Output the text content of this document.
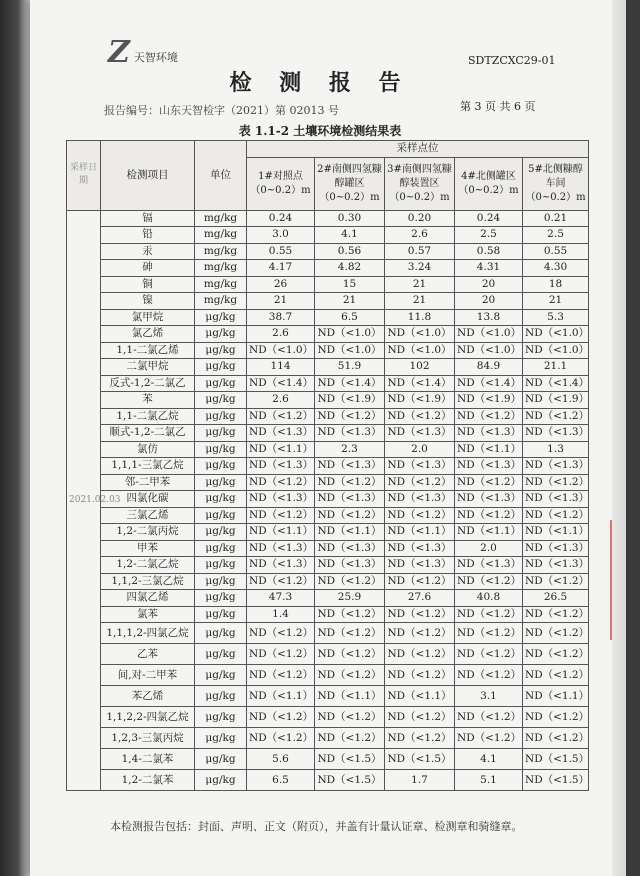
Z 天智环境	SDTZCXC29-01
检 测 报 告
报告编号：山东天智检字（2021）第 02013 号	第 3 页 共 6 页
表 1.1-2 土壤环境检测结果表
采样日期	检测项目	单位	采样点位				
			1#对照点（0~0.2）m	2#南侧四氢糠醇罐区（0~0.2）m	3#南侧四氢糠醇装置区（0~0.2）m	4#北侧罐区（0~0.2）m	5#北侧糠醇车间（0~0.2）m
2021.02.03	镉	mg/kg	0.24	0.30	0.20	0.24	0.21
	铅	mg/kg	3.0	4.1	2.6	2.5	2.5
	汞	mg/kg	0.55	0.56	0.57	0.58	0.55
	砷	mg/kg	4.17	4.82	3.24	4.31	4.30
	铜	mg/kg	26	15	21	20	18
	镍	mg/kg	21	21	21	20	21
	氯甲烷	μg/kg	38.7	6.5	11.8	13.8	5.3
	氯乙烯	μg/kg	2.6	ND（<1.0）	ND（<1.0）	ND（<1.0）	ND（<1.0）
	1,1-二氯乙烯	μg/kg	ND（<1.0）	ND（<1.0）	ND（<1.0）	ND（<1.0）	ND（<1.0）
	二氯甲烷	μg/kg	114	51.9	102	84.9	21.1
	反式-1,2-二氯乙	μg/kg	ND（<1.4）	ND（<1.4）	ND（<1.4）	ND（<1.4）	ND（<1.4）
	苯	μg/kg	2.6	ND（<1.9）	ND（<1.9）	ND（<1.9）	ND（<1.9）
	1,1-二氯乙烷	μg/kg	ND（<1.2）	ND（<1.2）	ND（<1.2）	ND（<1.2）	ND（<1.2）
	顺式-1,2-二氯乙	μg/kg	ND（<1.3）	ND（<1.3）	ND（<1.3）	ND（<1.3）	ND（<1.3）
	氯仿	μg/kg	ND（<1.1）	2.3	2.0	ND（<1.1）	1.3
	1,1,1-三氯乙烷	μg/kg	ND（<1.3）	ND（<1.3）	ND（<1.3）	ND（<1.3）	ND（<1.3）
	邻-二甲苯	μg/kg	ND（<1.2）	ND（<1.2）	ND（<1.2）	ND（<1.2）	ND（<1.2）
	四氯化碳	μg/kg	ND（<1.3）	ND（<1.3）	ND（<1.3）	ND（<1.3）	ND（<1.3）
	三氯乙烯	μg/kg	ND（<1.2）	ND（<1.2）	ND（<1.2）	ND（<1.2）	ND（<1.2）
	1,2-二氯丙烷	μg/kg	ND（<1.1）	ND（<1.1）	ND（<1.1）	ND（<1.1）	ND（<1.1）
	甲苯	μg/kg	ND（<1.3）	ND（<1.3）	ND（<1.3）	2.0	ND（<1.3）
	1,2-二氯乙烷	μg/kg	ND（<1.3）	ND（<1.3）	ND（<1.3）	ND（<1.3）	ND（<1.3）
	1,1,2-三氯乙烷	μg/kg	ND（<1.2）	ND（<1.2）	ND（<1.2）	ND（<1.2）	ND（<1.2）
	四氯乙烯	μg/kg	47.3	25.9	27.6	40.8	26.5
	氯苯	μg/kg	1.4	ND（<1.2）	ND（<1.2）	ND（<1.2）	ND（<1.2）
	1,1,1,2-四氯乙烷	μg/kg	ND（<1.2）	ND（<1.2）	ND（<1.2）	ND（<1.2）	ND（<1.2）
	乙苯	μg/kg	ND（<1.2）	ND（<1.2）	ND（<1.2）	ND（<1.2）	ND（<1.2）
	间,对-二甲苯	μg/kg	ND（<1.2）	ND（<1.2）	ND（<1.2）	ND（<1.2）	ND（<1.2）
	苯乙烯	μg/kg	ND（<1.1）	ND（<1.1）	ND（<1.1）	3.1	ND（<1.1）
	1,1,2,2-四氯乙烷	μg/kg	ND（<1.2）	ND（<1.2）	ND（<1.2）	ND（<1.2）	ND（<1.2）
	1,2,3-三氯丙烷	μg/kg	ND（<1.2）	ND（<1.2）	ND（<1.2）	ND（<1.2）	ND（<1.2）
	1,4-二氯苯	μg/kg	5.6	ND（<1.5）	ND（<1.5）	4.1	ND（<1.5）
	1,2-二氯苯	μg/kg	6.5	ND（<1.5）	1.7	5.1	ND（<1.5）
本检测报告包括：封面、声明、正文（附页），并盖有计量认证章、检测章和骑缝章。
